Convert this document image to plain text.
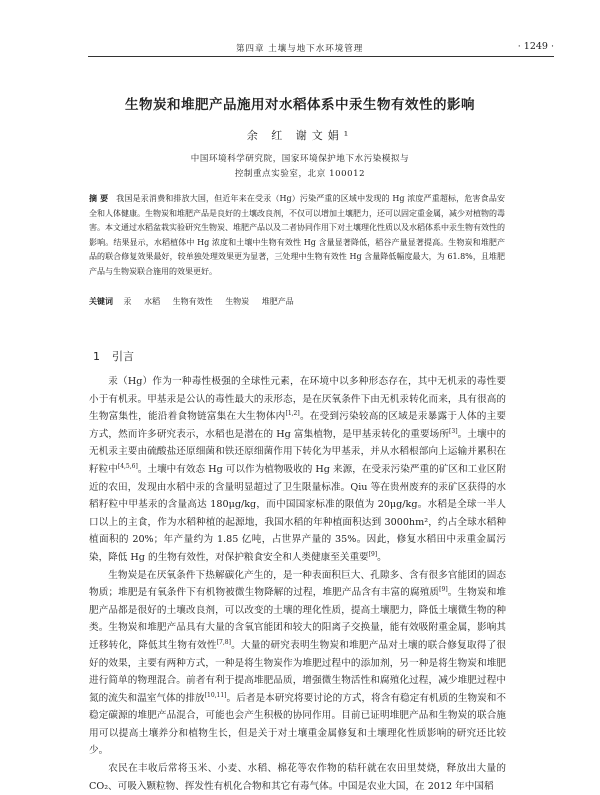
第四章 土壤与地下水环境管理	· 1249 ·
生物炭和堆肥产品施用对水稻体系中汞生物有效性的影响
余 红 谢文娟¹
中国环境科学研究院，国家环境保护地下水污染模拟与
控制重点实验室，北京 100012
摘 要 我国是汞消费和排放大国，但近年来在受汞（Hg）污染严重的区域中发现的 Hg 浓度严重超标，危害食品安全和人体健康。生物炭和堆肥产品是良好的土壤改良剂，不仅可以增加土壤肥力，还可以固定重金属，减少对植物的毒害。本文通过水稻盆栽实验研究生物炭、堆肥产品以及二者协同作用下对土壤理化性质以及水稻体系中汞生物有效性的影响。结果显示，水稻植体中 Hg 浓度和土壤中生物有效性 Hg 含量显著降低，稻谷产量显著提高。生物炭和堆肥产品的联合修复效果最好，较单独处理效果更为显著，三处理中生物有效性 Hg 含量降低幅度最大，为 61.8%，且堆肥产品与生物炭联合施用的效果更好。
关键词 汞 水稻 生物有效性 生物炭 堆肥产品
1 引言

汞（Hg）作为一种毒性极强的全球性元素，在环境中以多种形态存在，其中无机汞的毒性要小于有机汞。甲基汞是公认的毒性最大的汞形态，是在厌氧条件下由无机汞转化而来，具有很高的生物富集性，能沿着食物链富集在大生物体内[1,2]。在受到污染较高的区域是汞暴露于人体的主要方式，然而许多研究表示，水稻也是潜在的 Hg 富集植物，是甲基汞转化的重要场所[3]。土壤中的无机汞主要由硫酸盐还原细菌和铁还原细菌作用下转化为甲基汞，并从水稻根部向上运输并累积在籽粒中[4,5,6]。土壤中有效态 Hg 可以作为植物吸收的 Hg 来源，在受汞污染严重的矿区和工业区附近的农田，发现由水稻中汞的含量明显超过了卫生限量标准。Qiu 等在贵州废弃的汞矿区获得的水稻籽粒中甲基汞的含量高达 180μg/kg，而中国国家标准的限值为 20μg/kg。水稻是全球一半人口以上的主食，作为水稻种植的起源地，我国水稻的年种植面积达到 3000hm²，约占全球水稻种植面积的 20%；年产量约为 1.85 亿吨，占世界产量的 35%。因此，修复水稻田中汞重金属污染，降低 Hg 的生物有效性，对保护粮食安全和人类健康至关重要[9]。

生物炭是在厌氧条件下热解碳化产生的，是一种表面积巨大、孔隙多、含有很多官能团的固态物质；堆肥是有氧条件下有机物被微生物降解的过程，堆肥产品含有丰富的腐殖质[9]。生物炭和堆肥产品都是很好的土壤改良剂，可以改变的土壤的理化性质，提高土壤肥力，降低土壤微生物的种类。生物炭和堆肥产品具有大量的含氧官能团和较大的阳离子交换量，能有效吸附重金属，影响其迁移转化，降低其生物有效性[7,8]。大量的研究表明生物炭和堆肥产品对土壤的联合修复取得了很好的效果，主要有两种方式，一种是将生物炭作为堆肥过程中的添加剂，另一种是将生物炭和堆肥进行简单的物理混合。前者有利于提高堆肥品质，增强微生物活性和腐殖化过程，减少堆肥过程中氮的流失和温室气体的排放[10,11]。后者是本研究将要讨论的方式，将含有稳定有机质的生物炭和不稳定碳源的堆肥产品混合，可能也会产生积极的协同作用。目前已证明堆肥产品和生物炭的联合施用可以提高土壤养分和植物生长，但是关于对土壤重金属修复和土壤理化性质影响的研究还比较少。

农民在丰收后常将玉米、小麦、水稻、棉花等农作物的秸秆就在农田里焚烧，释放出大量的 CO₂、可吸入颗粒物、挥发性有机化合物和其它有毒气体。中国是农业大国，在 2012 年中国稻
